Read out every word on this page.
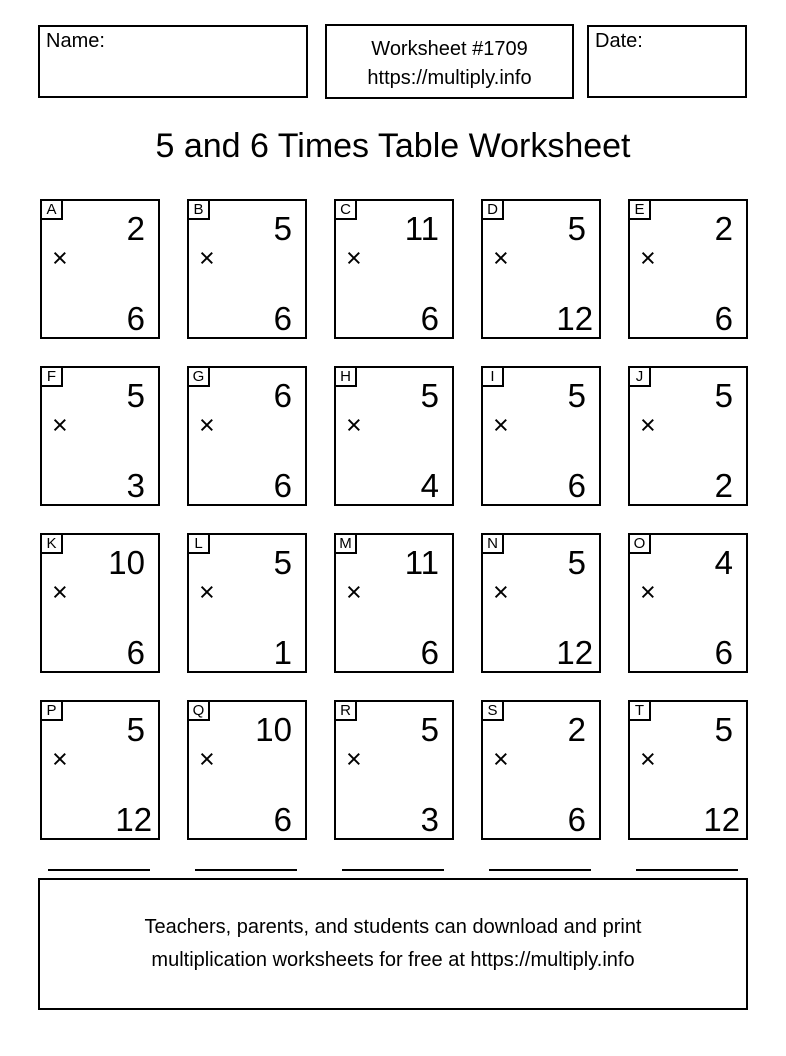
Name:	Worksheet #1709
https://multiply.info
Date:
5 and 6 Times Table Worksheet
A
2

×

6

B
5

×

6

C
11

×

6

D
5

×

12

E
2

×

6

F
5

×

3

G
6

×

6

H
5

×

4

I
5

×

6

J
5

×

2

K
10

×

6

L
5

×

1

M
11

×

6

N
5

×

12

O
4

×

6

P
5

×

12

Q
10

×

6

R
5

×

3

S
2

×

6

T
5

×

12

Teachers, parents, and students can download and print
multiplication worksheets for free at https://multiply.info
